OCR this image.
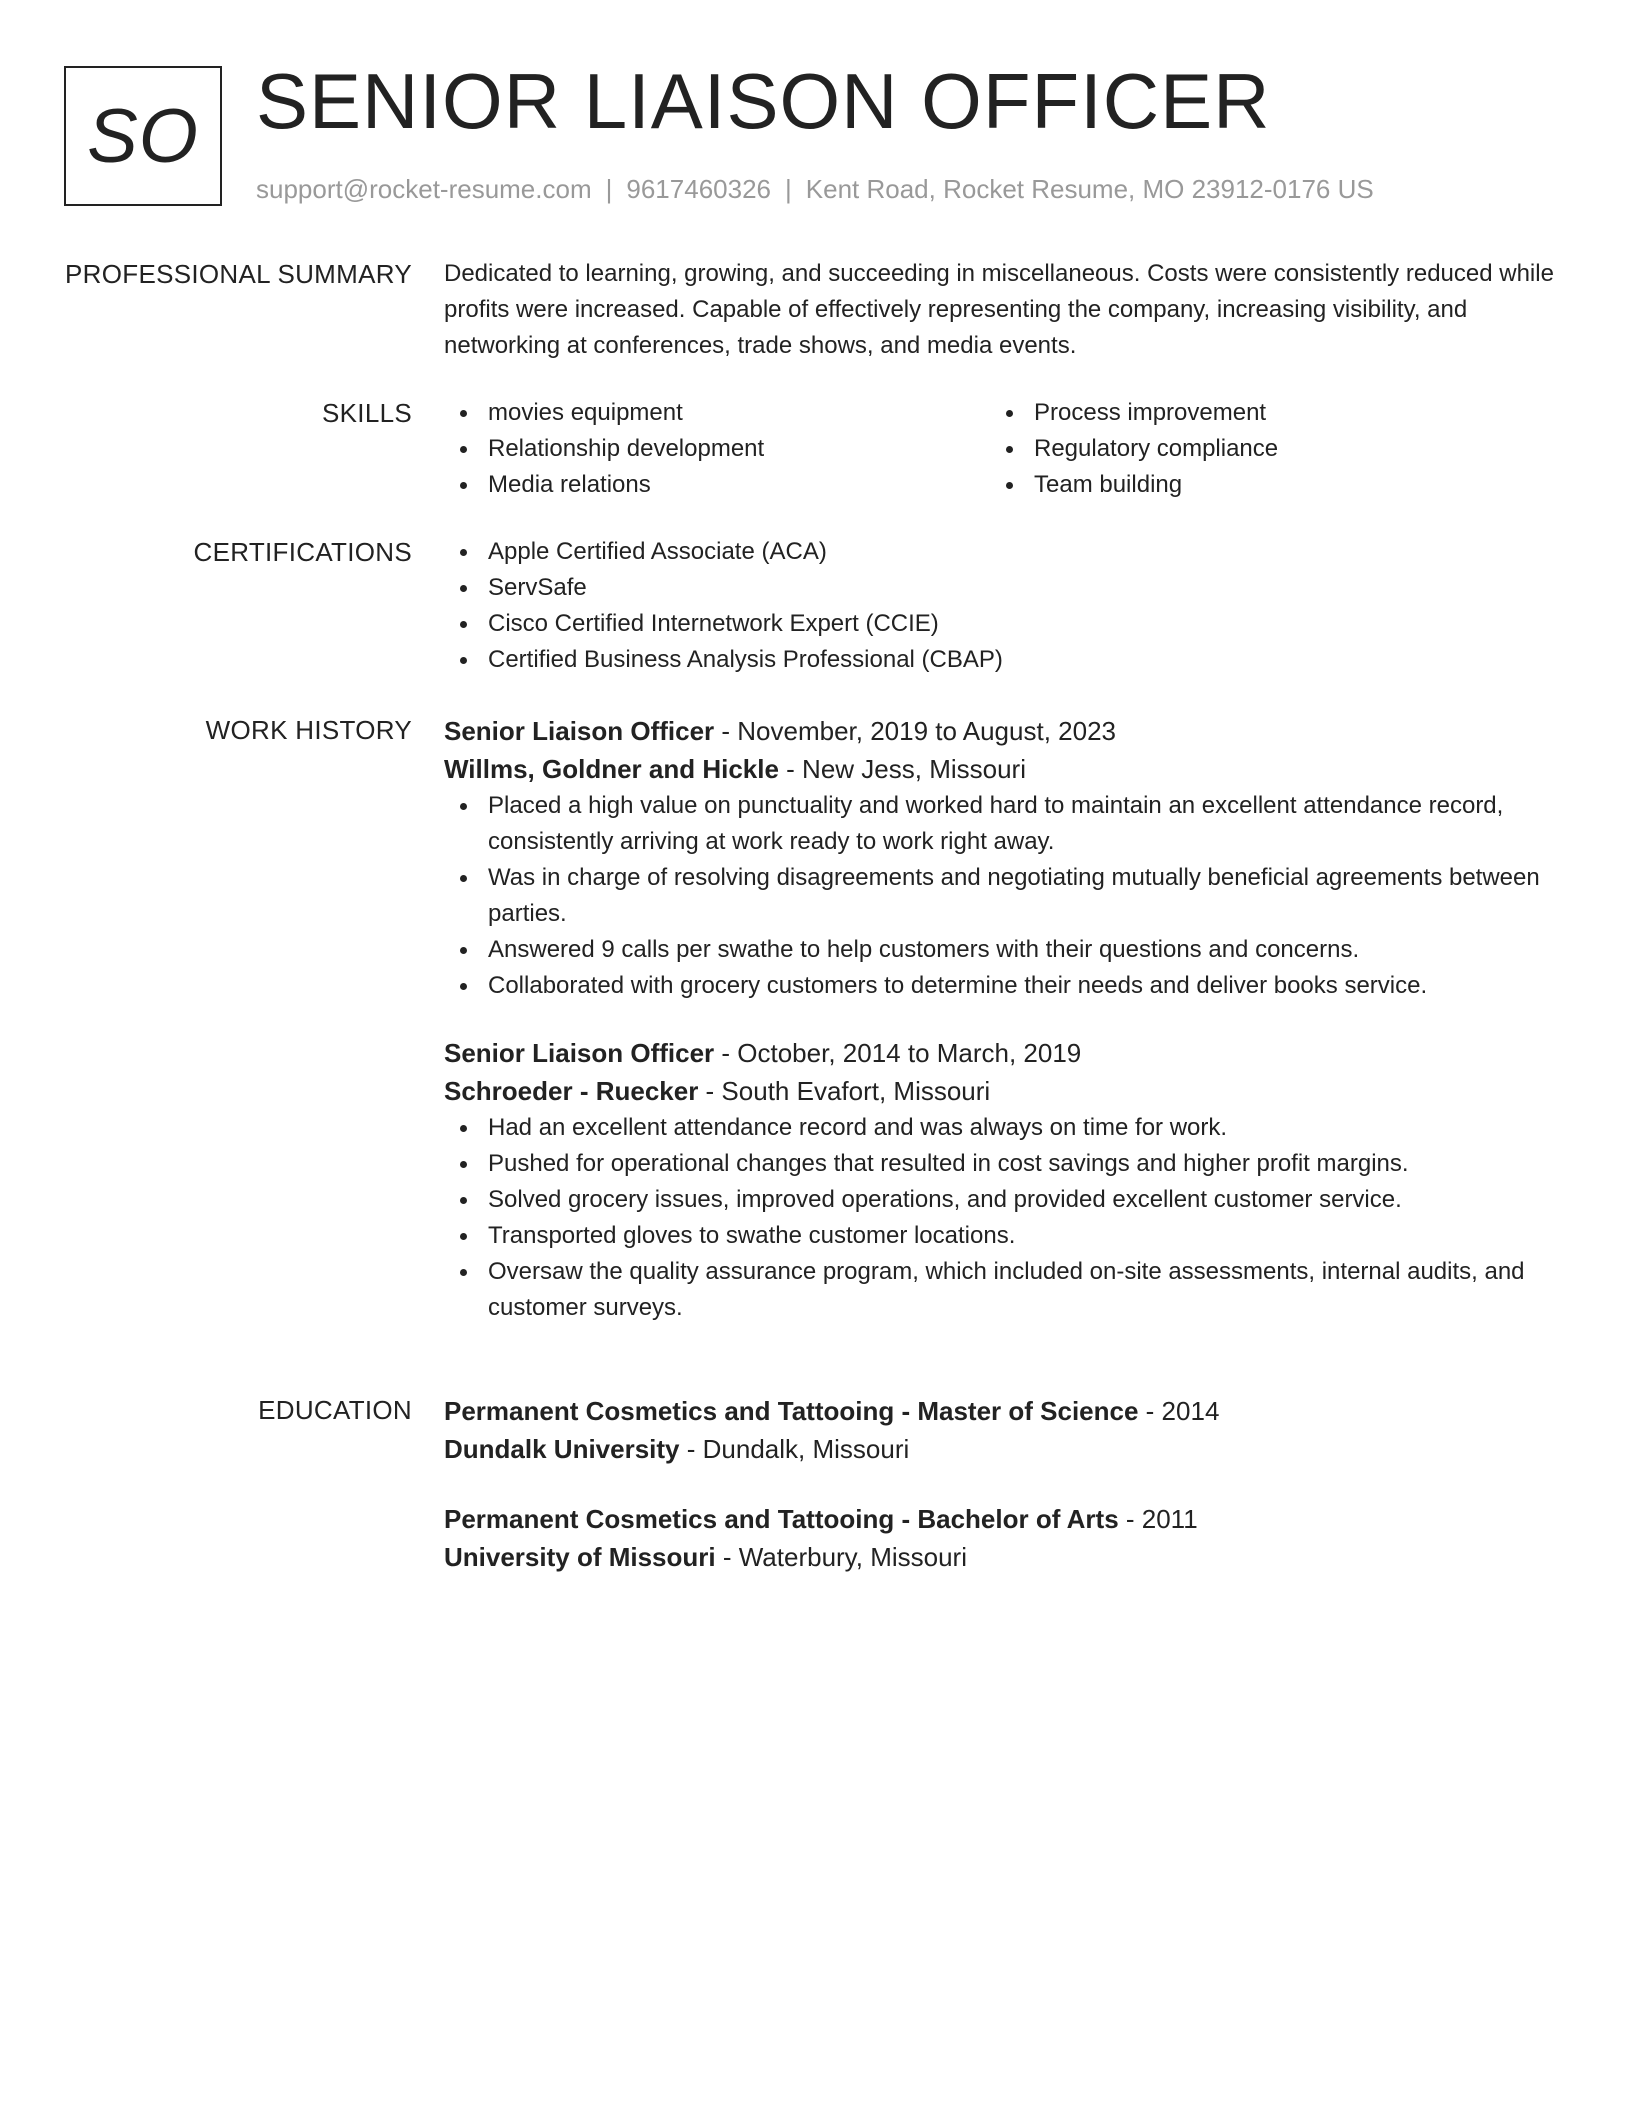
SO SENIOR LIAISON OFFICER
support@rocket-resume.com | 9617460326 | Kent Road, Rocket Resume, MO 23912-0176 US
PROFESSIONAL SUMMARY Dedicated to learning, growing, and succeeding in miscellaneous. Costs were consistently reduced while profits were increased. Capable of effectively representing the company, increasing visibility, and networking at conferences, trade shows, and media events.
SKILLS	movies equipment
Relationship development
Media relations
Process improvement
Regulatory compliance
Team building
CERTIFICATIONS	Apple Certified Associate (ACA)
ServSafe
Cisco Certified Internetwork Expert (CCIE)
Certified Business Analysis Professional (CBAP)
WORK HISTORY Senior Liaison Officer - November, 2019 to August, 2023
Willms, Goldner and Hickle - New Jess, Missouri
Placed a high value on punctuality and worked hard to maintain an excellent attendance record, consistently arriving at work ready to work right away.
Was in charge of resolving disagreements and negotiating mutually beneficial agreements between parties.
Answered 9 calls per swathe to help customers with their questions and concerns.
Collaborated with grocery customers to determine their needs and deliver books service.
Senior Liaison Officer - October, 2014 to March, 2019
Schroeder - Ruecker - South Evafort, Missouri
Had an excellent attendance record and was always on time for work.
Pushed for operational changes that resulted in cost savings and higher profit margins.
Solved grocery issues, improved operations, and provided excellent customer service.
Transported gloves to swathe customer locations.
Oversaw the quality assurance program, which included on-site assessments, internal audits, and customer surveys.
EDUCATION Permanent Cosmetics and Tattooing - Master of Science - 2014
Dundalk University - Dundalk, Missouri
Permanent Cosmetics and Tattooing - Bachelor of Arts - 2011
University of Missouri - Waterbury, Missouri
